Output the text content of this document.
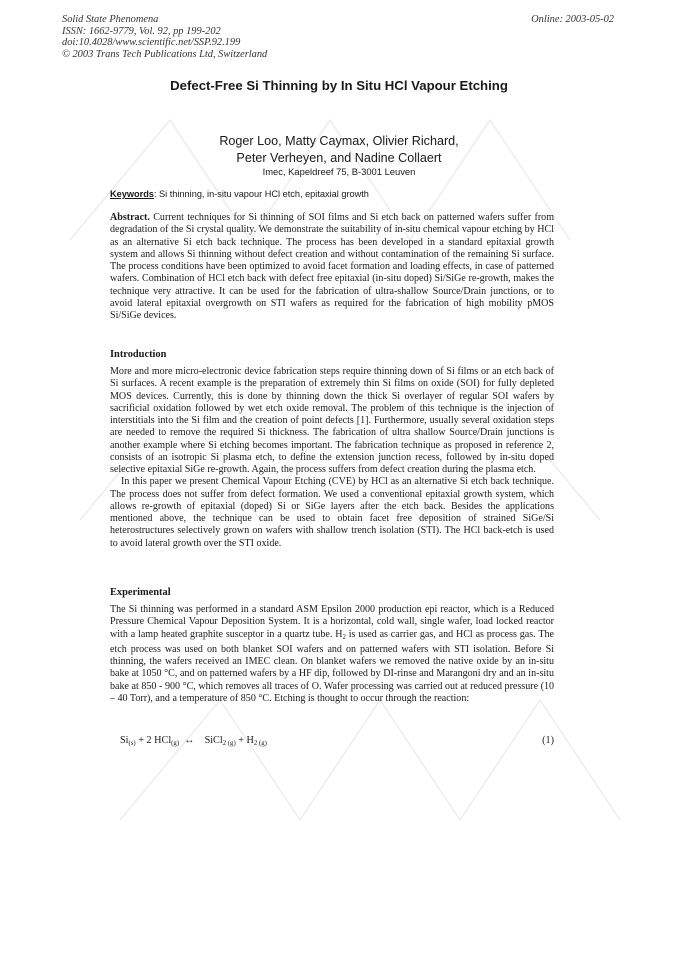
Solid State Phenomena
ISSN: 1662-9779, Vol. 92, pp 199-202
doi:10.4028/www.scientific.net/SSP.92.199
© 2003 Trans Tech Publications Ltd, Switzerland
Online: 2003-05-02
Defect-Free Si Thinning by In Situ HCl Vapour Etching
Roger Loo, Matty Caymax, Olivier Richard,
Peter Verheyen, and Nadine Collaert
Imec, Kapeldreef 75, B-3001 Leuven
Keywords: Si thinning, in-situ vapour HCl etch, epitaxial growth

Abstract. Current techniques for Si thinning of SOI films and Si etch back on patterned wafers suffer from degradation of the Si crystal quality. We demonstrate the suitability of in-situ chemical vapour etching by HCl as an alternative Si etch back technique. The process has been developed in a standard epitaxial growth system and allows Si thinning without defect creation and without contamination of the remaining Si surface. The process conditions have been optimized to avoid facet formation and loading effects, in case of patterned wafers. Combination of HCl etch back with defect free epitaxial (in-situ doped) Si/SiGe re-growth, makes the technique very attractive. It can be used for the fabrication of ultra-shallow Source/Drain junctions, or to avoid lateral epitaxial overgrowth on STI wafers as required for the fabrication of high mobility pMOS Si/SiGe devices.

Introduction

More and more micro-electronic device fabrication steps require thinning down of Si films or an etch back of Si surfaces. A recent example is the preparation of extremely thin Si films on oxide (SOI) for fully depleted MOS devices. Currently, this is done by thinning down the thick Si overlayer of regular SOI wafers by sacrificial oxidation followed by wet etch oxide removal. The problem of this technique is the injection of interstitials into the Si film and the creation of point defects [1]. Furthermore, usually several oxidation steps are needed to remove the required Si thickness. The fabrication of ultra shallow Source/Drain junctions is another example where Si etching becomes important. The fabrication technique as proposed in reference 2, consists of an isotropic Si plasma etch, to define the extension junction recess, followed by in-situ doped selective epitaxial SiGe re-growth. Again, the process suffers from defect creation during the plasma etch.

In this paper we present Chemical Vapour Etching (CVE) by HCl as an alternative Si etch back technique. The process does not suffer from defect formation. We used a conventional epitaxial growth system, which allows re-growth of epitaxial (doped) Si or SiGe layers after the etch back. Besides the applications mentioned above, the technique can be used to obtain facet free deposition of strained SiGe/Si heterostructures selectively grown on wafers with shallow trench isolation (STI). The HCl back-etch is used to avoid lateral growth over the STI oxide.

Experimental

The Si thinning was performed in a standard ASM Epsilon 2000 production epi reactor, which is a Reduced Pressure Chemical Vapour Deposition System. It is a horizontal, cold wall, single wafer, load locked reactor with a lamp heated graphite susceptor in a quartz tube. $H_2$ is used as carrier gas, and HCl as process gas. The etch process was used on both blanket SOI wafers and on patterned wafers with STI isolation. Before Si thinning, the wafers received an IMEC clean. On blanket wafers we removed the native oxide by an in-situ bake at 1050 °C, and on patterned wafers by a HF dip, followed by DI-rinse and Marangoni dry and an in-situ bake at 850 - 900 °C, which removes all traces of O. Wafer processing was carried out at reduced pressure (10 – 40 Torr), and a temperature of 850 °C. Etching is thought to occur through the reaction:

$Si_{(s)} + 2$ HCl$_{(g)}$ ↔ SiCl$_{2 (g)}$ + $H_{2 (g)}$	(1)
